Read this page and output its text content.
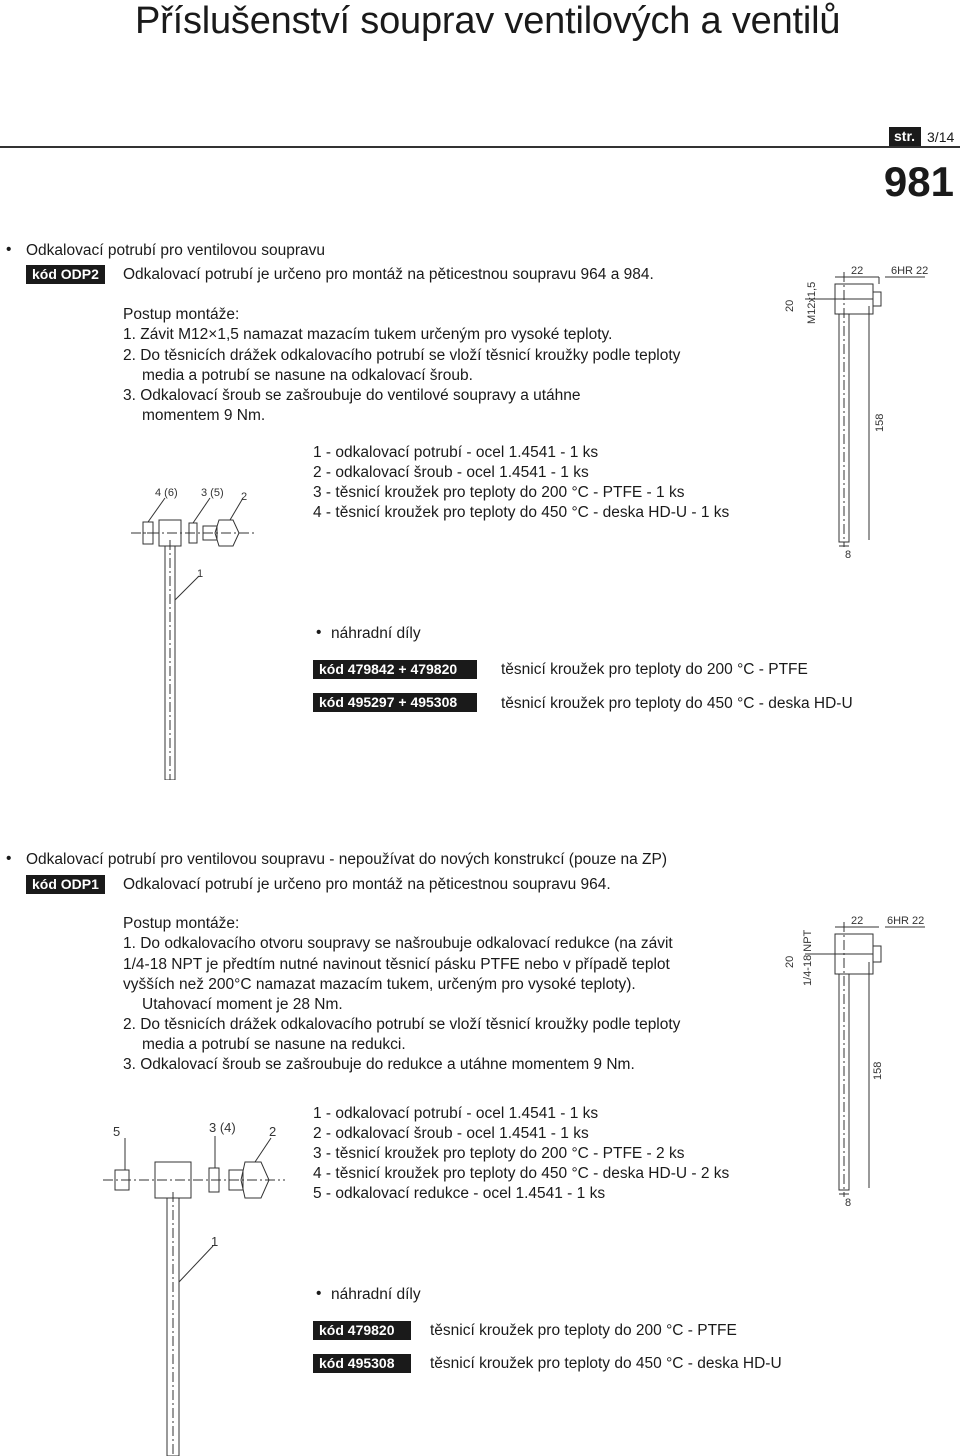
Příslušenství souprav ventilových a ventilů
str. 3/14
981
• Odkalovací potrubí pro ventilovou soupravu
kód ODP2	Odkalovací potrubí je určeno pro montáž na pěticestnou soupravu 964 a 984.
Postup montáže:
1. Závit M12×1,5 namazat mazacím tukem určeným pro vysoké teploty.
2. Do těsnicích drážek odkalovacího potrubí se vloží těsnicí kroužky podle teploty
media a potrubí se nasune na odkalovací šroub.
3. Odkalovací šroub se zašroubuje do ventilové soupravy a utáhne
momentem 9 Nm.
1 - odkalovací potrubí - ocel 1.4541 - 1 ks
2 - odkalovací šroub - ocel 1.4541 - 1 ks
3 - těsnicí kroužek pro teploty do 200 °C - PTFE - 1 ks
4 - těsnicí kroužek pro teploty do 450 °C - deska HD-U - 1 ks
• náhradní díly
kód 479842 + 479820	těsnicí kroužek pro teploty do 200 °C - PTFE
kód 495297 + 495308	těsnicí kroužek pro teploty do 450 °C - deska HD-U
4 (6) 3 (5) 2
1
22	6HR 22
20 M12x1,5
158
8
• Odkalovací potrubí pro ventilovou soupravu - nepoužívat do nových konstrukcí (pouze na ZP)
kód ODP1	Odkalovací potrubí je určeno pro montáž na pěticestnou soupravu 964.
Postup montáže:
1. Do odkalovacího otvoru soupravy se našroubuje odkalovací redukce (na závit
1/4-18 NPT je předtím nutné navinout těsnicí pásku PTFE nebo v případě teplot
vyšších než 200°C namazat mazacím tukem, určeným pro vysoké teploty).
Utahovací moment je 28 Nm.
2. Do těsnicích drážek odkalovacího potrubí se vloží těsnicí kroužky podle teploty
media a potrubí se nasune na redukci.
3. Odkalovací šroub se zašroubuje do redukce a utáhne momentem 9 Nm.
1 - odkalovací potrubí - ocel 1.4541 - 1 ks
2 - odkalovací šroub - ocel 1.4541 - 1 ks
3 - těsnicí kroužek pro teploty do 200 °C - PTFE - 2 ks
4 - těsnicí kroužek pro teploty do 450 °C - deska HD-U - 2 ks
5 - odkalovací redukce - ocel 1.4541 - 1 ks
• náhradní díly
kód 479820	těsnicí kroužek pro teploty do 200 °C - PTFE
kód 495308	těsnicí kroužek pro teploty do 450 °C - deska HD-U
5	3 (4)	2
1
22 6HR 22
20 1/4-18 NPT
158
8
